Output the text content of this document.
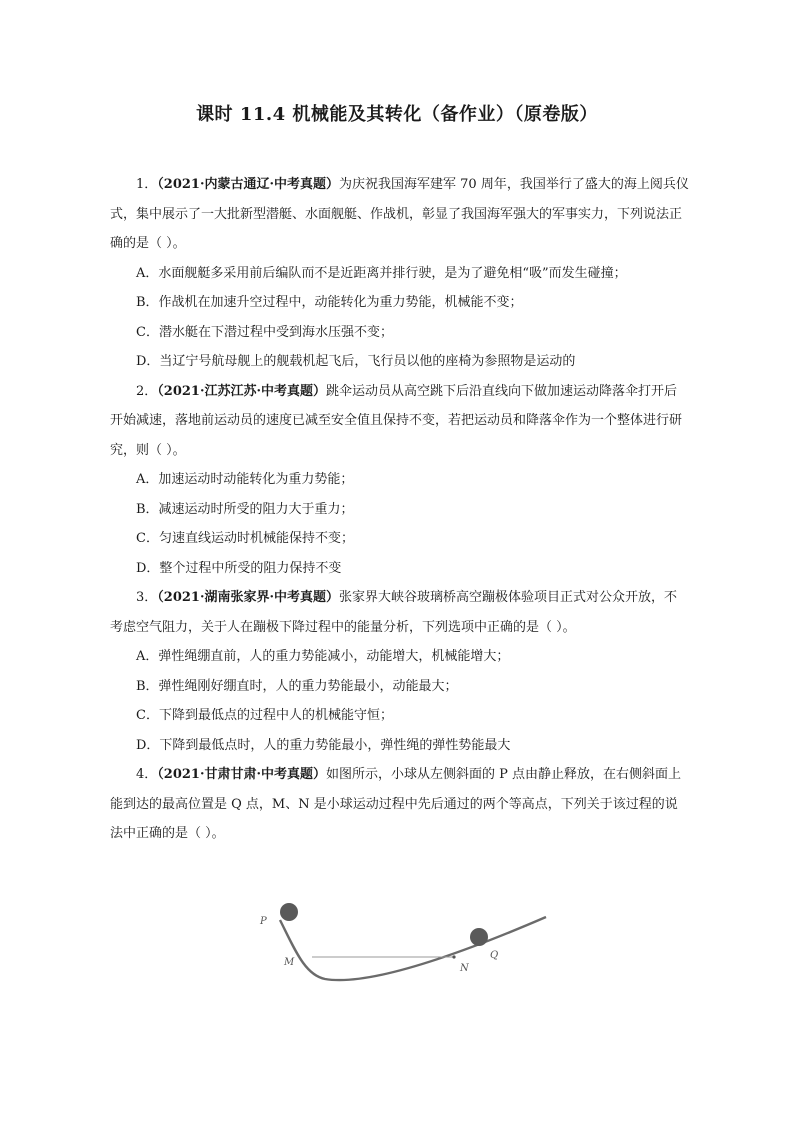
课时 11.4 机械能及其转化（备作业）（原卷版）

1．（2021·内蒙古通辽·中考真题）为庆祝我国海军建军 70 周年，我国举行了盛大的海上阅兵仪式，集中展示了一大批新型潜艇、水面舰艇、作战机，彰显了我国海军强大的军事实力，下列说法正确的是（ ）。

A．水面舰艇多采用前后编队而不是近距离并排行驶，是为了避免相“吸”而发生碰撞；

B．作战机在加速升空过程中，动能转化为重力势能，机械能不变；

C．潜水艇在下潜过程中受到海水压强不变；

D．当辽宁号航母舰上的舰载机起飞后，飞行员以他的座椅为参照物是运动的

2．（2021·江苏江苏·中考真题）跳伞运动员从高空跳下后沿直线向下做加速运动降落伞打开后开始减速，落地前运动员的速度已减至安全值且保持不变，若把运动员和降落伞作为一个整体进行研究，则（ ）。

A．加速运动时动能转化为重力势能；

B．减速运动时所受的阻力大于重力；

C．匀速直线运动时机械能保持不变；

D．整个过程中所受的阻力保持不变

3．（2021·湖南张家界·中考真题）张家界大峡谷玻璃桥高空蹦极体验项目正式对公众开放，不考虑空气阻力，关于人在蹦极下降过程中的能量分析，下列选项中正确的是（ ）。

A．弹性绳绷直前，人的重力势能减小，动能增大，机械能增大；

B．弹性绳刚好绷直时，人的重力势能最小，动能最大；

C．下降到最低点的过程中人的机械能守恒；

D．下降到最低点时，人的重力势能最小，弹性绳的弹性势能最大

4．（2021·甘肃甘肃·中考真题）如图所示，小球从左侧斜面的 P 点由静止释放，在右侧斜面上能到达的最高位置是 Q 点，M、N 是小球运动过程中先后通过的两个等高点，下列关于该过程的说法中正确的是（ ）。

P
M
N
Q
